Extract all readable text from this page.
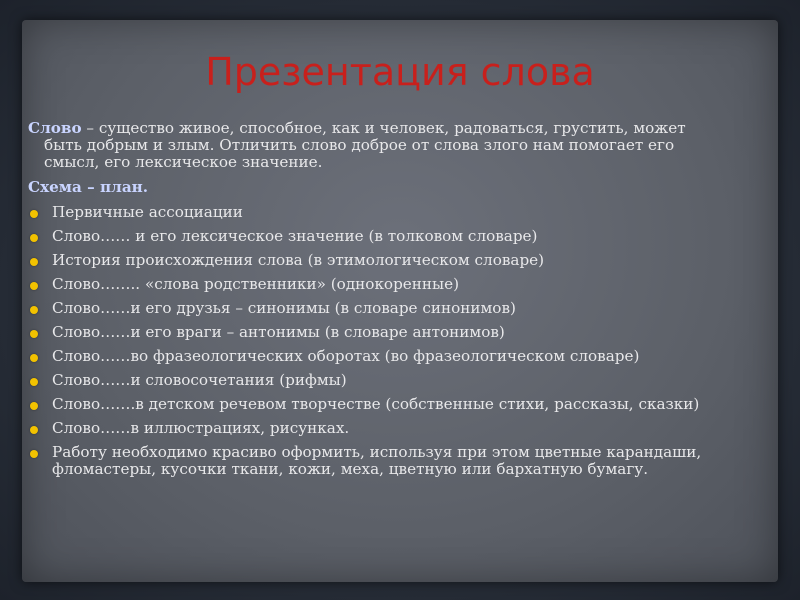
Презентация слова

Слово – существо живое, способное, как и человек, радоваться, грустить, может быть добрым и злым. Отличить слово доброе от слова злого нам помогает его смысл, его лексическое значение.

Схема – план.

Первичные ассоциации
Слово…… и его лексическое значение (в толковом словаре)
История происхождения слова (в этимологическом словаре)
Слово…….. «слова родственники» (однокоренные)
Слово……и его друзья – синонимы (в словаре синонимов)
Слово……и его враги – антонимы (в словаре антонимов)
Слово……во фразеологических оборотах (во фразеологическом словаре)
Слово……и словосочетания (рифмы)
Слово…….в детском речевом творчестве (собственные стихи, рассказы, сказки)
Слово……в иллюстрациях, рисунках.
Работу необходимо красиво оформить, используя при этом цветные карандаши, фломастеры, кусочки ткани, кожи, меха, цветную или бархатную бумагу.
